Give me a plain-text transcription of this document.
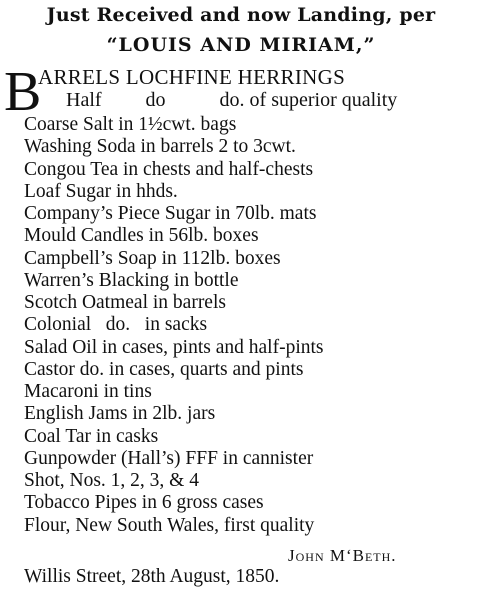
Just Received and now Landing, per
“LOUIS AND MIRIAM,”
B
ARRELS LOCHFINE HERRINGS
Half do	do. of superior quality
Coarse Salt in 1½cwt. bags
Washing Soda in barrels 2 to 3cwt.
Congou Tea in chests and half-chests
Loaf Sugar in hhds.
Company’s Piece Sugar in 70lb. mats
Mould Candles in 56lb. boxes
Campbell’s Soap in 112lb. boxes
Warren’s Blacking in bottle
Scotch Oatmeal in barrels
Colonial   do.   in sacks
Salad Oil in cases, pints and half-pints
Castor do. in cases, quarts and pints
Macaroni in tins
English Jams in 2lb. jars
Coal Tar in casks
Gunpowder (Hall’s) FFF in cannister
Shot, Nos. 1, 2, 3, & 4
Tobacco Pipes in 6 gross cases
Flour, New South Wales, first quality
John M‘Beth.
Willis Street, 28th August, 1850.
